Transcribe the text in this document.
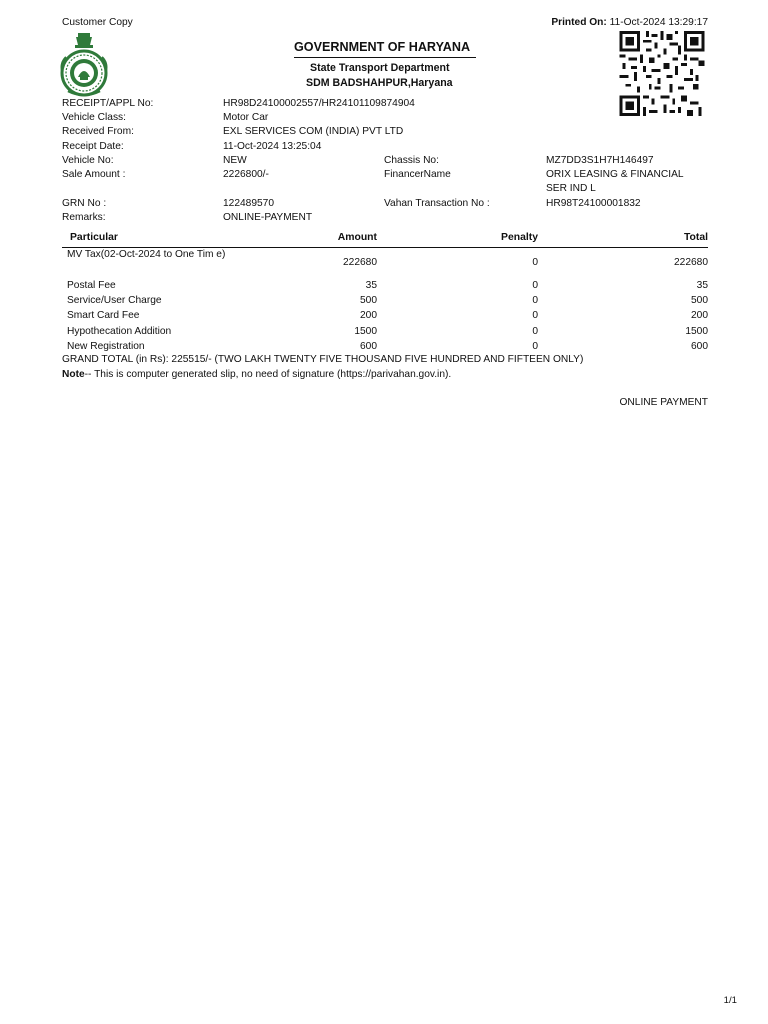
Customer Copy	Printed On: 11-Oct-2024 13:29:17
GOVERNMENT OF HARYANA
State Transport Department
SDM BADSHAHPUR,Haryana
RECEIPT/APPL No:	HR98D24100002557/HR24101109874904
Vehicle Class:	Motor Car
Received From:	EXL SERVICES COM (INDIA) PVT LTD
Receipt Date:	11-Oct-2024 13:25:04
Vehicle No:	NEW	Chassis No:	MZ7DD3S1H7H146497
Sale Amount :	2226800/-	FinancerName	ORIX LEASING & FINANCIAL SER IND L
GRN No :	122489570	Vahan Transaction No :	HR98T24100001832
Remarks:	ONLINE-PAYMENT
Particular	Amount	Penalty	Total
MV Tax(02-Oct-2024 to One Tim e)	222680	0	222680
Postal Fee	35	0	35
Service/User Charge	500	0	500
Smart Card Fee	200	0	200
Hypothecation Addition	1500	0	1500
New Registration	600	0	600
GRAND TOTAL (in Rs): 225515/- (TWO LAKH TWENTY FIVE THOUSAND FIVE HUNDRED AND FIFTEEN ONLY)
Note-- This is computer generated slip, no need of signature (https://parivahan.gov.in).
ONLINE PAYMENT
1/1
